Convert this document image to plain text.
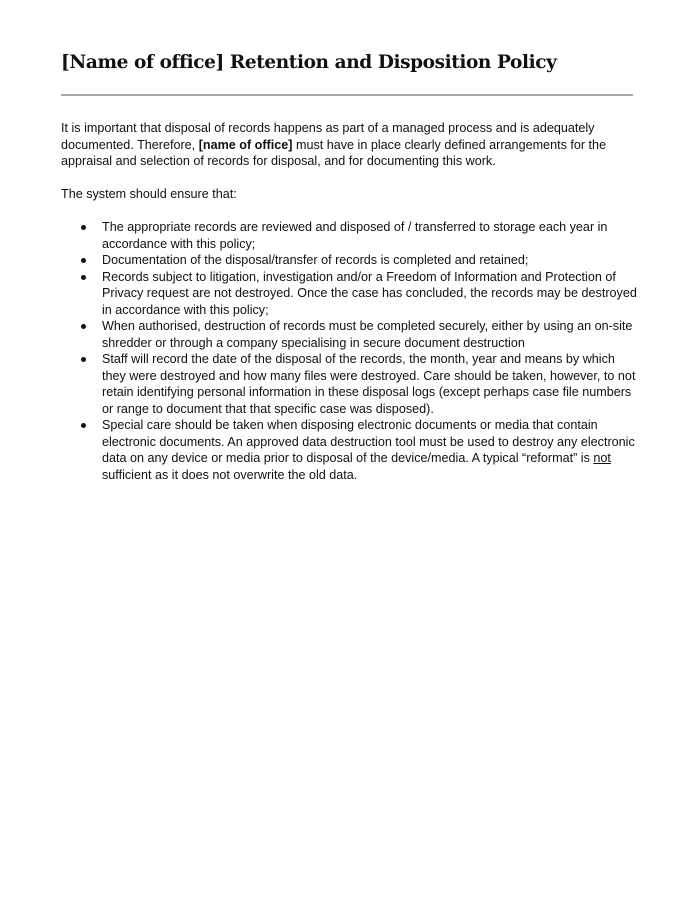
[Name of office] Retention and Disposition Policy

It is important that disposal of records happens as part of a managed process and is adequately documented. Therefore, [name of office] must have in place clearly defined arrangements for the appraisal and selection of records for disposal, and for documenting this work.

The system should ensure that:

The appropriate records are reviewed and disposed of / transferred to storage each year in accordance with this policy;
Documentation of the disposal/transfer of records is completed and retained;
Records subject to litigation, investigation and/or a Freedom of Information and Protection of Privacy request are not destroyed. Once the case has concluded, the records may be destroyed in accordance with this policy;
When authorised, destruction of records must be completed securely, either by using an on-site shredder or through a company specialising in secure document destruction
Staff will record the date of the disposal of the records, the month, year and means by which they were destroyed and how many files were destroyed. Care should be taken, however, to not retain identifying personal information in these disposal logs (except perhaps case file numbers or range to document that that specific case was disposed).
Special care should be taken when disposing electronic documents or media that contain electronic documents. An approved data destruction tool must be used to destroy any electronic data on any device or media prior to disposal of the device/media. A typical “reformat” is not sufficient as it does not overwrite the old data.
